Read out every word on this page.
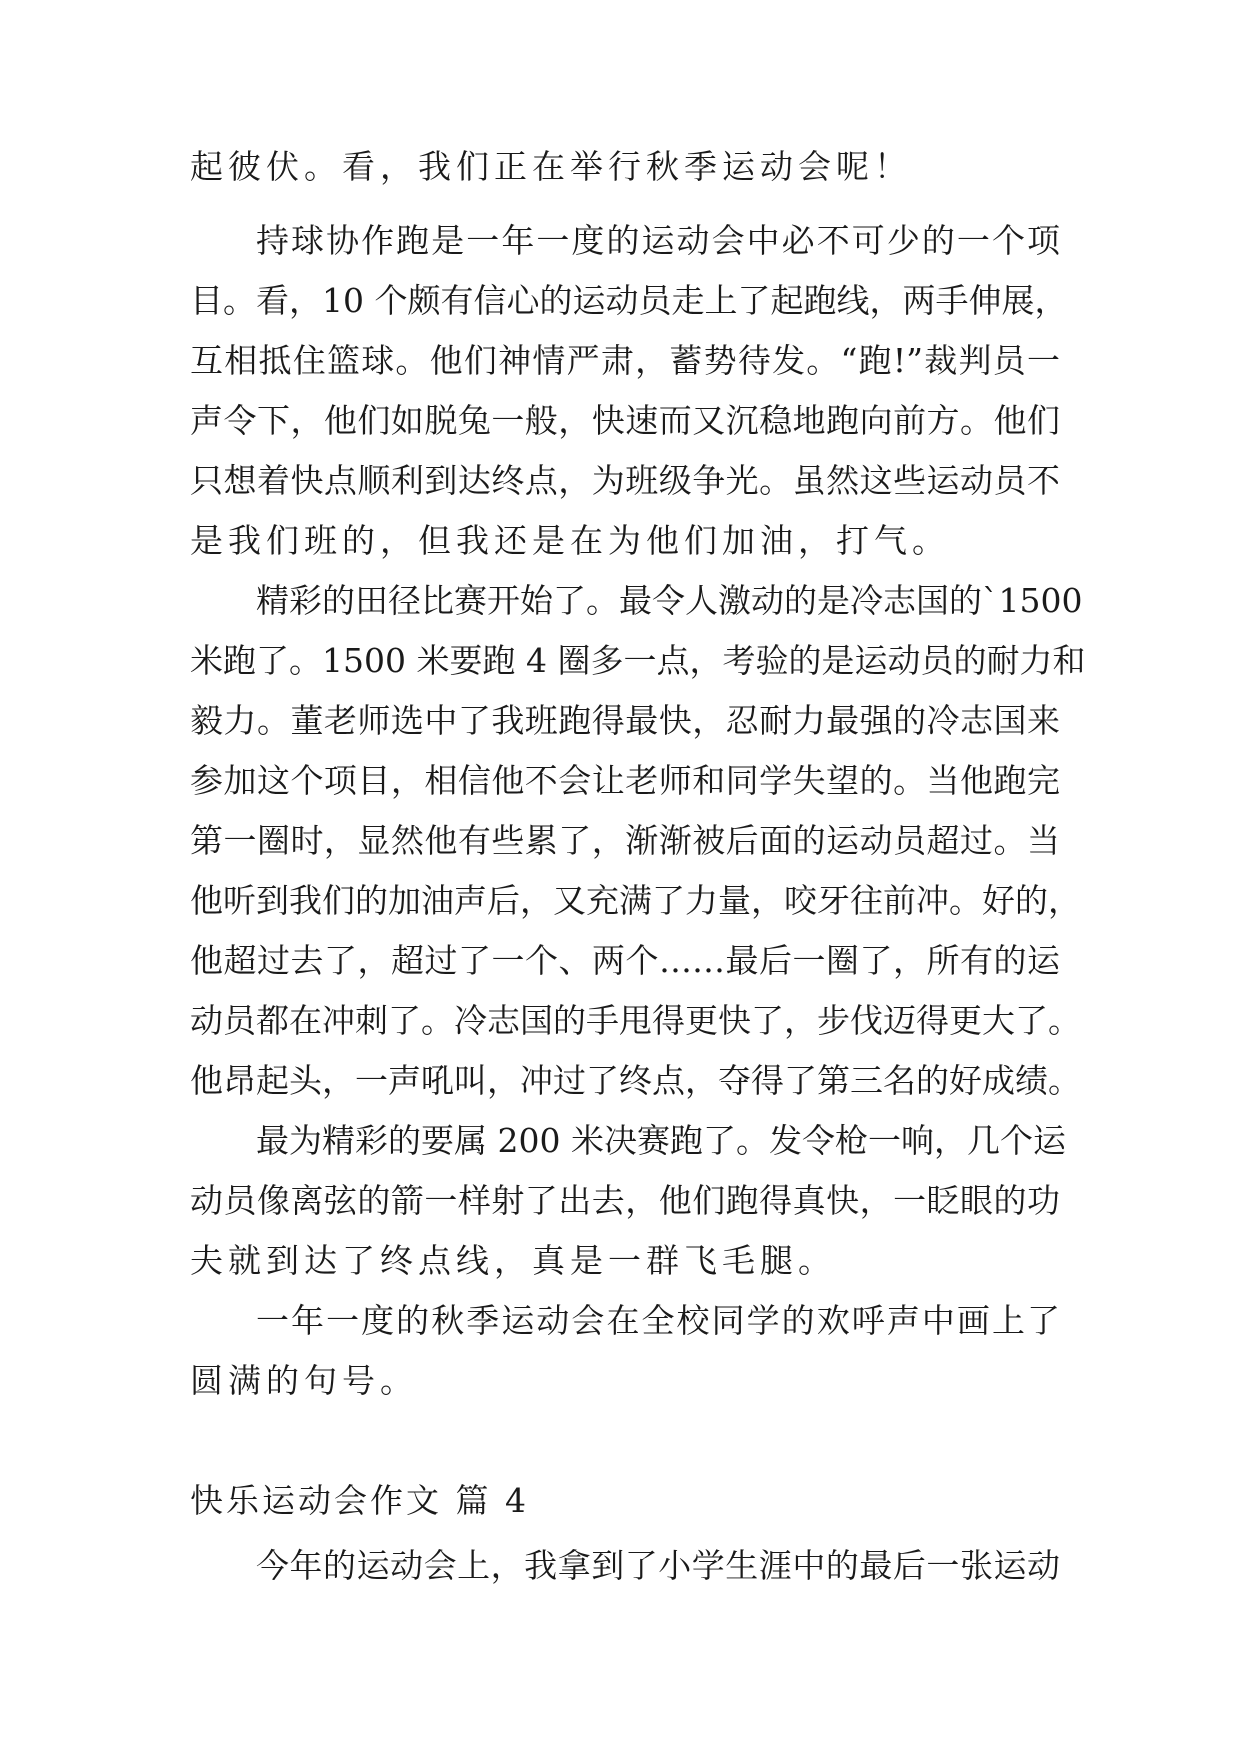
起彼伏。看，我们正在举行秋季运动会呢！
持球协作跑是一年一度的运动会中必不可少的一个项
目。看，10 个颇有信心的运动员走上了起跑线，两手伸展，
互相抵住篮球。他们神情严肃，蓄势待发。“跑!”裁判员一
声令下，他们如脱兔一般，快速而又沉稳地跑向前方。他们
只想着快点顺利到达终点，为班级争光。虽然这些运动员不
是我们班的，但我还是在为他们加油，打气。
精彩的田径比赛开始了。最令人激动的是冷志国的`1500
米跑了。1500 米要跑 4 圈多一点，考验的是运动员的耐力和
毅力。董老师选中了我班跑得最快，忍耐力最强的冷志国来
参加这个项目，相信他不会让老师和同学失望的。当他跑完
第一圈时，显然他有些累了，渐渐被后面的运动员超过。当
他听到我们的加油声后，又充满了力量，咬牙往前冲。好的，
他超过去了，超过了一个、两个……最后一圈了，所有的运
动员都在冲刺了。冷志国的手甩得更快了，步伐迈得更大了。
他昂起头，一声吼叫，冲过了终点，夺得了第三名的好成绩。
最为精彩的要属 200 米决赛跑了。发令枪一响，几个运
动员像离弦的箭一样射了出去，他们跑得真快，一眨眼的功
夫就到达了终点线，真是一群飞毛腿。
一年一度的秋季运动会在全校同学的欢呼声中画上了
圆满的句号。
快乐运动会作文 篇 4
今年的运动会上，我拿到了小学生涯中的最后一张运动
